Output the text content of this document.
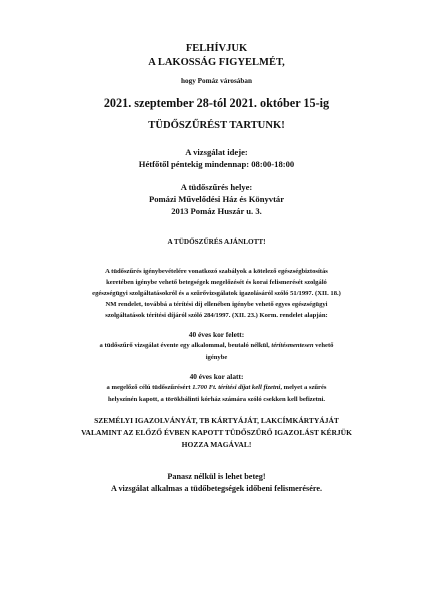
FELHÍVJUK
A LAKOSSÁG FIGYELMÉT,
hogy Pomáz városában
2021. szeptember 28-tól 2021. október 15-ig
TÜDŐSZŰRÉST TARTUNK!
A vizsgálat ideje:
Hétfőtől péntekig mindennap: 08:00-18:00
A tüdőszűrés helye:
Pomázi Művelődési Ház és Könyvtár
2013 Pomáz Huszár u. 3.
A TÜDŐSZŰRÉS AJÁNLOTT!
A tüdőszűrés igénybevételére vonatkozó szabályok a kötelező egészségbiztosítás
keretében igénybe vehető betegségek megelőzését és korai felismerését szolgáló
egészségügyi szolgáltatásokról és a szűrővizsgálatok igazolásáról szóló 51/1997. (XII. 18.)
NM rendelet, továbbá a térítési díj ellenében igénybe vehető egyes egészségügyi
szolgáltatások térítési díjáról szóló 284/1997. (XII. 23.) Korm. rendelet alapján:
40 éves kor felett:
a tüdőszűrő vizsgálat évente egy alkalommal, beutaló nélkül, térítésmentesen vehető
igénybe
40 éves kor alatt:
a megelőző célú tüdőszűrésért 1.700 Ft. térítési díjat kell fizetni, melyet a szűrés
helyszínén kapott, a törökbálinti kórház számára szóló csekken kell befizetni.
SZEMÉLYI IGAZOLVÁNYÁT, TB KÁRTYÁJÁT, LAKCÍMKÁRTYÁJÁT
VALAMINT AZ ELŐZŐ ÉVBEN KAPOTT TÜDŐSZŰRŐ IGAZOLÁST KÉRJÜK
HOZZA MAGÁVAL!
Panasz nélkül is lehet beteg!
A vizsgálat alkalmas a tüdőbetegségek időbeni felismerésére.
